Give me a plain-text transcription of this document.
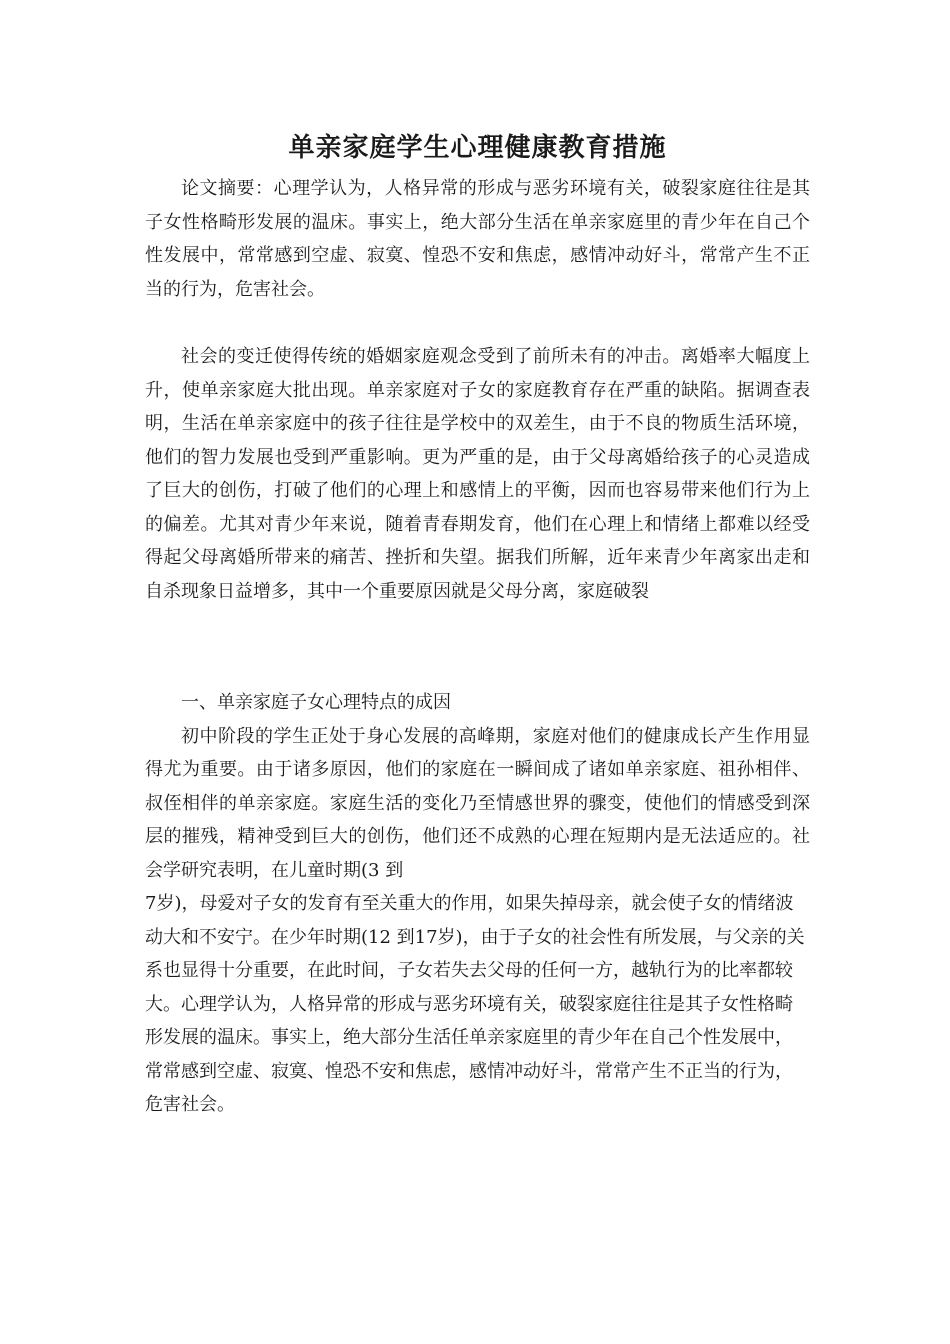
单亲家庭学生心理健康教育措施

论文摘要：心理学认为，人格异常的形成与恶劣环境有关，破裂家庭往往是其子女性格畸形发展的温床。事实上，绝大部分生活在单亲家庭里的青少年在自己个性发展中，常常感到空虚、寂寞、惶恐不安和焦虑，感情冲动好斗，常常产生不正当的行为，危害社会。

社会的变迁使得传统的婚姻家庭观念受到了前所未有的冲击。离婚率大幅度上升，使单亲家庭大批出现。单亲家庭对子女的家庭教育存在严重的缺陷。据调查表明，生活在单亲家庭中的孩子往往是学校中的双差生，由于不良的物质生活环境，他们的智力发展也受到严重影响。更为严重的是，由于父母离婚给孩子的心灵造成了巨大的创伤，打破了他们的心理上和感情上的平衡，因而也容易带来他们行为上的偏差。尤其对青少年来说，随着青春期发育，他们在心理上和情绪上都难以经受得起父母离婚所带来的痛苦、挫折和失望。据我们所解，近年来青少年离家出走和自杀现象日益增多，其中一个重要原因就是父母分离，家庭破裂

一、单亲家庭子女心理特点的成因

初中阶段的学生正处于身心发展的高峰期，家庭对他们的健康成长产生作用显得尤为重要。由于诸多原因，他们的家庭在一瞬间成了诸如单亲家庭、祖孙相伴、叔侄相伴的单亲家庭。家庭生活的变化乃至情感世界的骤变，使他们的情感受到深层的摧残，精神受到巨大的创伤，他们还不成熟的心理在短期内是无法适应的。社会学研究表明，在儿童时期(3 到

7岁)，母爱对子女的发育有至关重大的作用，如果失掉母亲，就会使子女的情绪波动大和不安宁。在少年时期(12 到17岁)，由于子女的社会性有所发展，与父亲的关系也显得十分重要，在此时间，子女若失去父母的任何一方，越轨行为的比率都较大。心理学认为，人格异常的形成与恶劣环境有关，破裂家庭往往是其子女性格畸形发展的温床。事实上，绝大部分生活任单亲家庭里的青少年在自己个性发展中，常常感到空虚、寂寞、惶恐不安和焦虑，感情冲动好斗，常常产生不正当的行为，危害社会。
